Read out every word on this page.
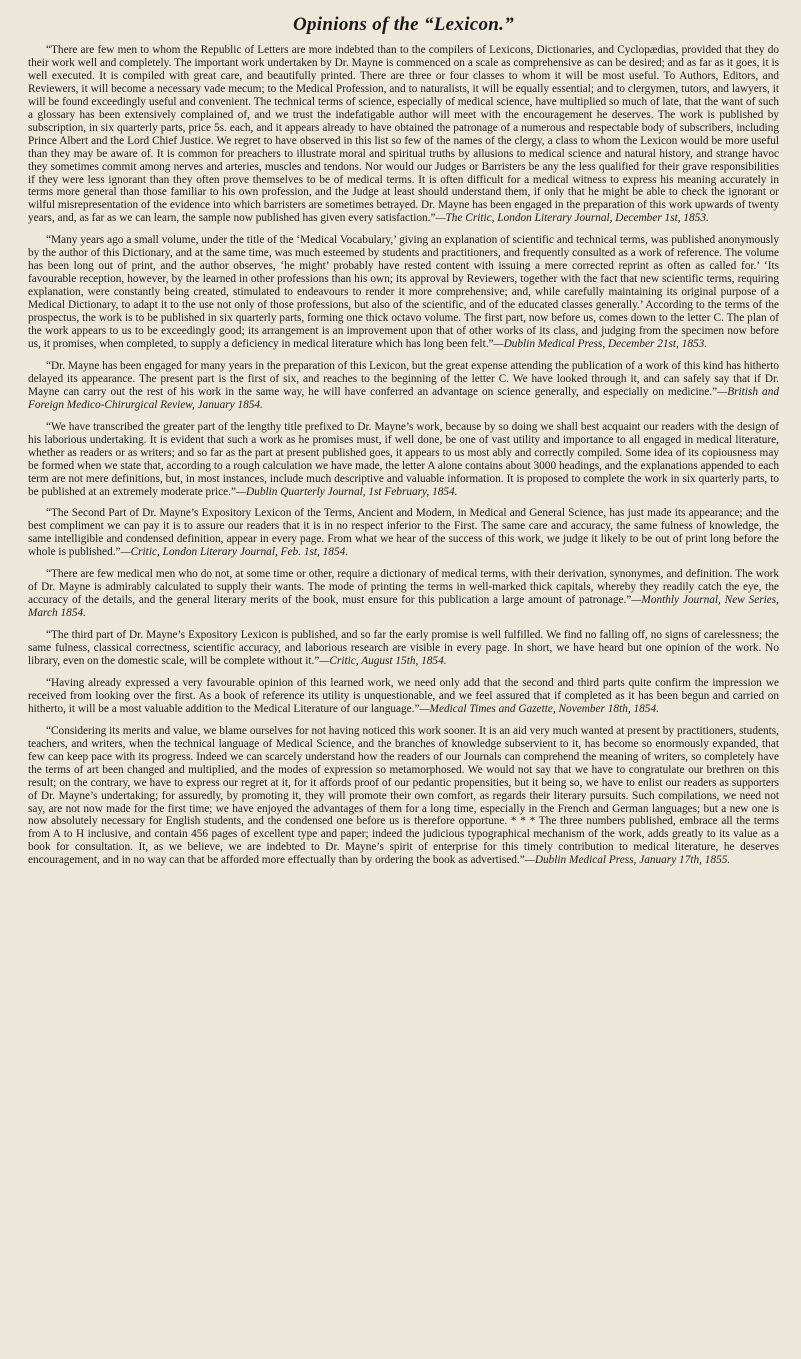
Opinions of the “Lexicon.”

“There are few men to whom the Republic of Letters are more indebted than to the compilers of Lexicons, Dictionaries, and Cyclopædias, provided that they do their work well and completely. The important work undertaken by Dr. Mayne is commenced on a scale as comprehensive as can be desired; and as far as it goes, it is well executed. It is compiled with great care, and beautifully printed. There are three or four classes to whom it will be most useful. To Authors, Editors, and Reviewers, it will become a necessary vade mecum; to the Medical Profession, and to naturalists, it will be equally essential; and to clergymen, tutors, and lawyers, it will be found exceedingly useful and convenient. The technical terms of science, especially of medical science, have multiplied so much of late, that the want of such a glossary has been extensively complained of, and we trust the indefatigable author will meet with the encouragement he deserves. The work is published by subscription, in six quarterly parts, price 5s. each, and it appears already to have obtained the patronage of a numerous and respectable body of subscribers, including Prince Albert and the Lord Chief Justice. We regret to have observed in this list so few of the names of the clergy, a class to whom the Lexicon would be more useful than they may be aware of. It is common for preachers to illustrate moral and spiritual truths by allusions to medical science and natural history, and strange havoc they sometimes commit among nerves and arteries, muscles and tendons. Nor would our Judges or Barristers be any the less qualified for their grave responsibilities if they were less ignorant than they often prove themselves to be of medical terms. It is often difficult for a medical witness to express his meaning accurately in terms more general than those familiar to his own profession, and the Judge at least should understand them, if only that he might be able to check the ignorant or wilful misrepresentation of the evidence into which barristers are sometimes betrayed. Dr. Mayne has been engaged in the preparation of this work upwards of twenty years, and, as far as we can learn, the sample now published has given every satisfaction.”—The Critic, London Literary Journal, December 1st, 1853.

“Many years ago a small volume, under the title of the ‘Medical Vocabulary,’ giving an explanation of scientific and technical terms, was published anonymously by the author of this Dictionary, and at the same time, was much esteemed by students and practitioners, and frequently consulted as a work of reference. The volume has been long out of print, and the author observes, ‘he might’ probably have rested content with issuing a mere corrected reprint as often as called for.’ ‘Its favourable reception, however, by the learned in other professions than his own; its approval by Reviewers, together with the fact that new scientific terms, requiring explanation, were constantly being created, stimulated to endeavours to render it more comprehensive; and, while carefully maintaining its original purpose of a Medical Dictionary, to adapt it to the use not only of those professions, but also of the scientific, and of the educated classes generally.’ According to the terms of the prospectus, the work is to be published in six quarterly parts, forming one thick octavo volume. The first part, now before us, comes down to the letter C. The plan of the work appears to us to be exceedingly good; its arrangement is an improvement upon that of other works of its class, and judging from the specimen now before us, it promises, when completed, to supply a deficiency in medical literature which has long been felt.”—Dublin Medical Press, December 21st, 1853.

“Dr. Mayne has been engaged for many years in the preparation of this Lexicon, but the great expense attending the publication of a work of this kind has hitherto delayed its appearance. The present part is the first of six, and reaches to the beginning of the letter C. We have looked through it, and can safely say that if Dr. Mayne can carry out the rest of his work in the same way, he will have conferred an advantage on science generally, and especially on medicine.”—British and Foreign Medico-Chirurgical Review, January 1854.

“We have transcribed the greater part of the lengthy title prefixed to Dr. Mayne’s work, because by so doing we shall best acquaint our readers with the design of his laborious undertaking. It is evident that such a work as he promises must, if well done, be one of vast utility and importance to all engaged in medical literature, whether as readers or as writers; and so far as the part at present published goes, it appears to us most ably and correctly compiled. Some idea of its copiousness may be formed when we state that, according to a rough calculation we have made, the letter A alone contains about 3000 headings, and the explanations appended to each term are not mere definitions, but, in most instances, include much descriptive and valuable information. It is proposed to complete the work in six quarterly parts, to be published at an extremely moderate price.”—Dublin Quarterly Journal, 1st February, 1854.

“The Second Part of Dr. Mayne’s Expository Lexicon of the Terms, Ancient and Modern, in Medical and General Science, has just made its appearance; and the best compliment we can pay it is to assure our readers that it is in no respect inferior to the First. The same care and accuracy, the same fulness of knowledge, the same intelligible and condensed definition, appear in every page. From what we hear of the success of this work, we judge it likely to be out of print long before the whole is published.”—Critic, London Literary Journal, Feb. 1st, 1854.

“There are few medical men who do not, at some time or other, require a dictionary of medical terms, with their derivation, synonymes, and definition. The work of Dr. Mayne is admirably calculated to supply their wants. The mode of printing the terms in well-marked thick capitals, whereby they readily catch the eye, the accuracy of the details, and the general literary merits of the book, must ensure for this publication a large amount of patronage.”—Monthly Journal, New Series, March 1854.

“The third part of Dr. Mayne’s Expository Lexicon is published, and so far the early promise is well fulfilled. We find no falling off, no signs of carelessness; the same fulness, classical correctness, scientific accuracy, and laborious research are visible in every page. In short, we have heard but one opinion of the work. No library, even on the domestic scale, will be complete without it.”—Critic, August 15th, 1854.

“Having already expressed a very favourable opinion of this learned work, we need only add that the second and third parts quite confirm the impression we received from looking over the first. As a book of reference its utility is unquestionable, and we feel assured that if completed as it has been begun and carried on hitherto, it will be a most valuable addition to the Medical Literature of our language.”—Medical Times and Gazette, November 18th, 1854.

“Considering its merits and value, we blame ourselves for not having noticed this work sooner. It is an aid very much wanted at present by practitioners, students, teachers, and writers, when the technical language of Medical Science, and the branches of knowledge subservient to it, has become so enormously expanded, that few can keep pace with its progress. Indeed we can scarcely understand how the readers of our Journals can comprehend the meaning of writers, so completely have the terms of art been changed and multiplied, and the modes of expression so metamorphosed. We would not say that we have to congratulate our brethren on this result; on the contrary, we have to express our regret at it, for it affords proof of our pedantic propensities, but it being so, we have to enlist our readers as supporters of Dr. Mayne’s undertaking; for assuredly, by promoting it, they will promote their own comfort, as regards their literary pursuits. Such compilations, we need not say, are not now made for the first time; we have enjoyed the advantages of them for a long time, especially in the French and German languages; but a new one is now absolutely necessary for English students, and the condensed one before us is therefore opportune. * * * The three numbers published, embrace all the terms from A to H inclusive, and contain 456 pages of excellent type and paper; indeed the judicious typographical mechanism of the work, adds greatly to its value as a book for consultation. It, as we believe, we are indebted to Dr. Mayne’s spirit of enterprise for this timely contribution to medical literature, he deserves encouragement, and in no way can that be afforded more effectually than by ordering the book as advertised.”—Dublin Medical Press, January 17th, 1855.
